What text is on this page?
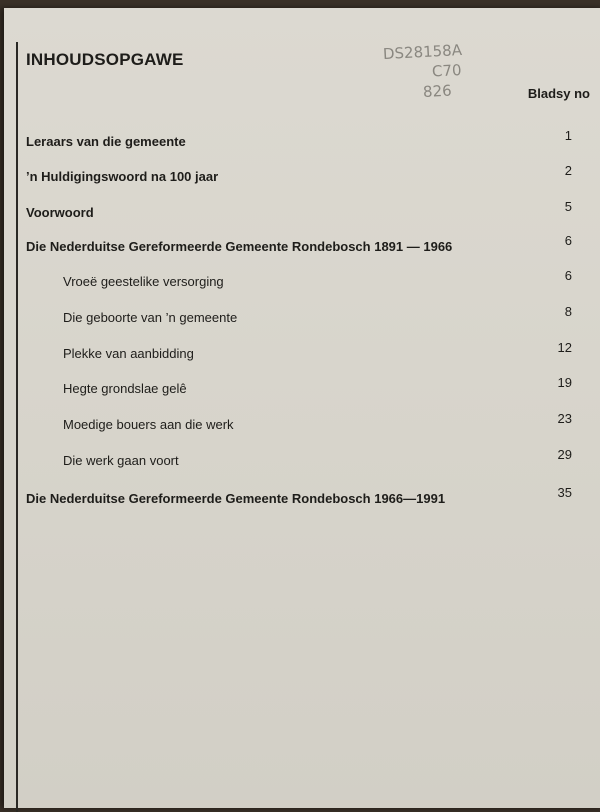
INHOUDSOPGAWE	DS28158A
C70
826	Bladsy no
Leraars van die gemeente	1
’n Huldigingswoord na 100 jaar	2
Voorwoord	5
Die Nederduitse Gereformeerde Gemeente Rondebosch 1891 — 1966	6
Vroeë geestelike versorging	6
Die geboorte van ’n gemeente	8
Plekke van aanbidding	12
Hegte grondslae gelê	19
Moedige bouers aan die werk	23
Die werk gaan voort	29
Die Nederduitse Gereformeerde Gemeente Rondebosch 1966—1991	35
